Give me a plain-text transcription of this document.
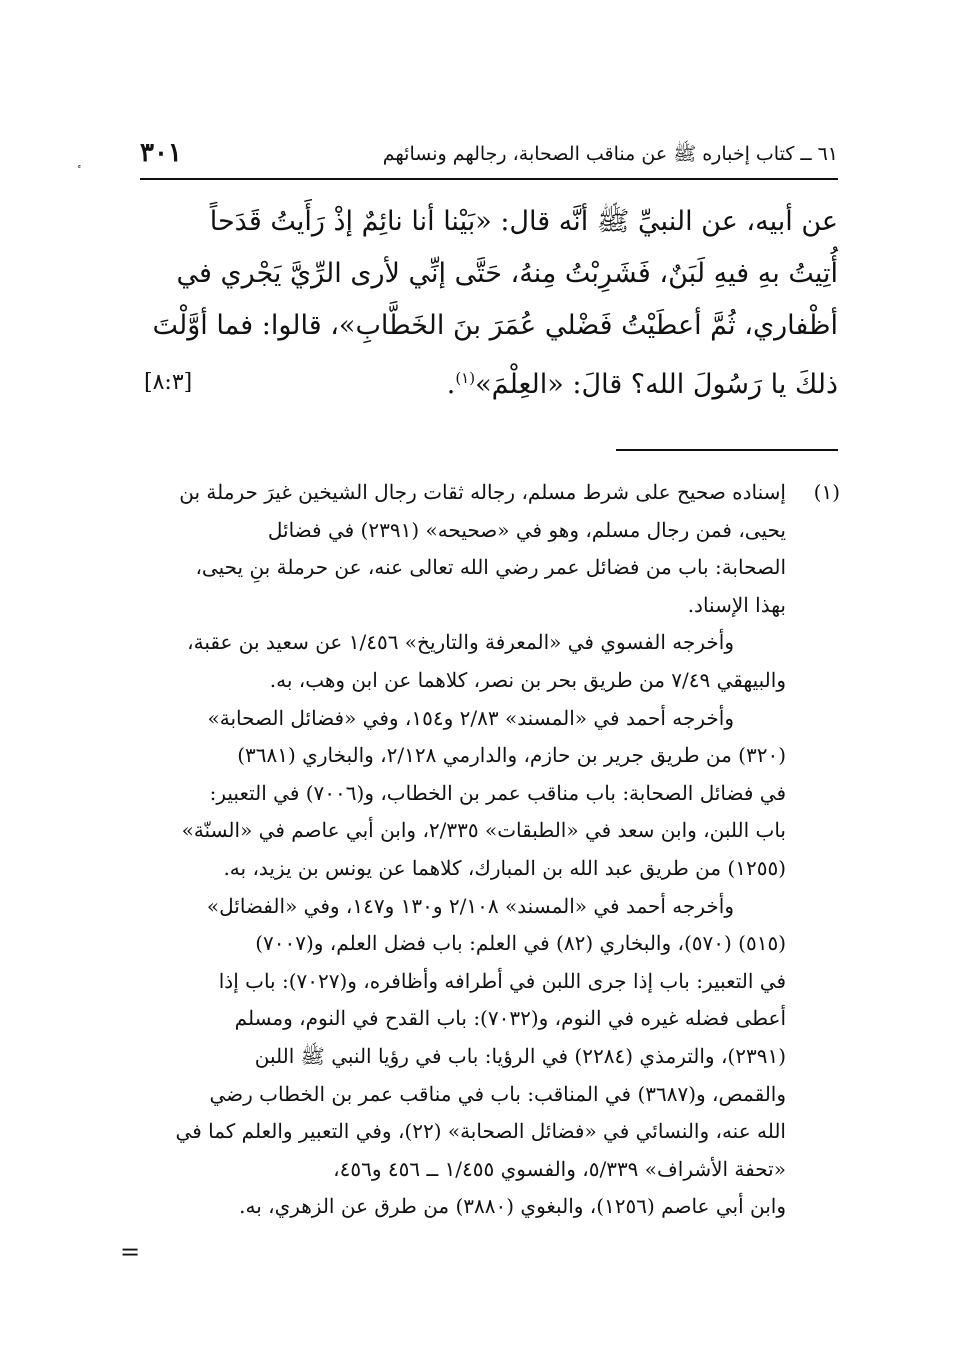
٦١ ــ كتاب إخباره ﷺ عن مناقب الصحابة، رجالهم ونسائهم
٣٠١
عن أبيه، عن النبيِّ ﷺ أنَّه قال: «بَيْنا أنا نائِمٌ إذْ رَأَيتُ قَدَحاً
أُتِيتُ بهِ فيهِ لَبَنٌ، فَشَرِبْتُ مِنهُ، حَتَّى إنِّي لأرى الرِّيَّ يَجْري في
أظْفاري، ثُمَّ أعطَيْتُ فَضْلي عُمَرَ بنَ الخَطَّابِ»، قالوا: فما أوَّلْتَ
ذلكَ يا رَسُولَ الله؟ قالَ: «العِلْمَ»$^{(١)}$.
[٨:٣]
(١)
إسناده صحيح على شرط مسلم، رجاله ثقات رجال الشيخين غيرَ حرملة بن
يحيى، فمن رجال مسلم، وهو في «صحيحه» (٢٣٩١) في فضائل
الصحابة: باب من فضائل عمر رضي الله تعالى عنه، عن حرملة بنِ يحيى،
بهذا الإسناد.
وأخرجه الفسوي في «المعرفة والتاريخ» ١/٤٥٦ عن سعيد بن عقبة،
والبيهقي ٧/٤٩ من طريق بحر بن نصر، كلاهما عن ابن وهب، به.
وأخرجه أحمد في «المسند» ٢/٨٣ و١٥٤، وفي «فضائل الصحابة»
(٣٢٠) من طريق جرير بن حازم، والدارمي ٢/١٢٨، والبخاري (٣٦٨١)
في فضائل الصحابة: باب مناقب عمر بن الخطاب، و(٧٠٠٦) في التعبير:
باب اللبن، وابن سعد في «الطبقات» ٢/٣٣٥، وابن أبي عاصم في «السنّة»
(١٢٥٥) من طريق عبد الله بن المبارك، كلاهما عن يونس بن يزيد، به.
وأخرجه أحمد في «المسند» ٢/١٠٨ و١٣٠ و١٤٧، وفي «الفضائل»
(٥١٥) (٥٧٠)، والبخاري (٨٢) في العلم: باب فضل العلم، و(٧٠٠٧)
في التعبير: باب إذا جرى اللبن في أطرافه وأظافره، و(٧٠٢٧): باب إذا
أعطى فضله غيره في النوم، و(٧٠٣٢): باب القدح في النوم، ومسلم
(٢٣٩١)، والترمذي (٢٢٨٤) في الرؤيا: باب في رؤيا النبي ﷺ اللبن
والقمص، و(٣٦٨٧) في المناقب: باب في مناقب عمر بن الخطاب رضي
الله عنه، والنسائي في «فضائل الصحابة» (٢٢)، وفي التعبير والعلم كما في
«تحفة الأشراف» ٥/٣٣٩، والفسوي ١/٤٥٥ ــ ٤٥٦ و٤٥٦،
وابن أبي عاصم (١٢٥٦)، والبغوي (٣٨٨٠) من طرق عن الزهري، به.
=
